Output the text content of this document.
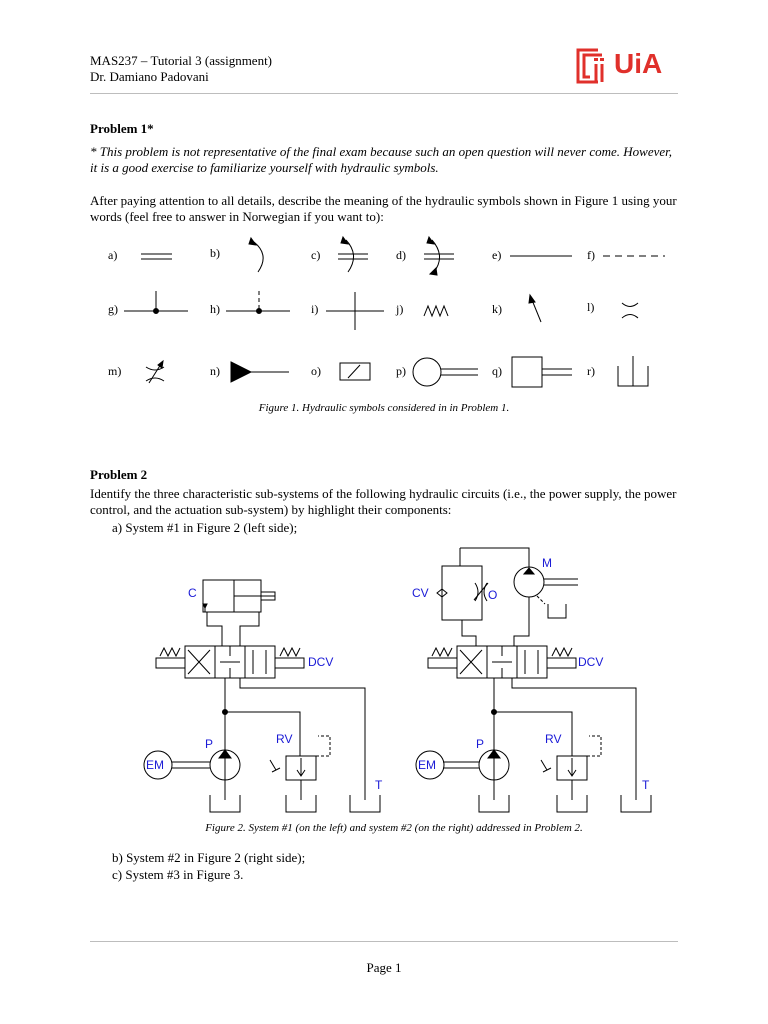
MAS237 – Tutorial 3 (assignment)
Dr. Damiano Padovani	UiA
Problem 1*
* This problem is not representative of the final exam because such an open question will never come. However, it is a good exercise to familiarize yourself with hydraulic symbols.
After paying attention to all details, describe the meaning of the hydraulic symbols shown in Figure 1 using your words (feel free to answer in Norwegian if you want to):
a)	b)	c)	d)	e)	f)
g)	h)	i)	j)	k)	l)
m)	n)	o)	p)	q)	r)
Figure 1. Hydraulic symbols considered in in Problem 1.
Problem 2
Identify the three characteristic sub-systems of the following hydraulic circuits (i.e., the power supply, the power control, and the actuation sub-system) by highlight their components:
a) System #1 in Figure 2 (left side);
C
DCV
P	RV
EM
T
CV	O
M
DCV
P	RV
EM
T
Figure 2. System #1 (on the left) and system #2 (on the right) addressed in Problem 2.
b) System #2 in Figure 2 (right side);
c) System #3 in Figure 3.
Page 1
